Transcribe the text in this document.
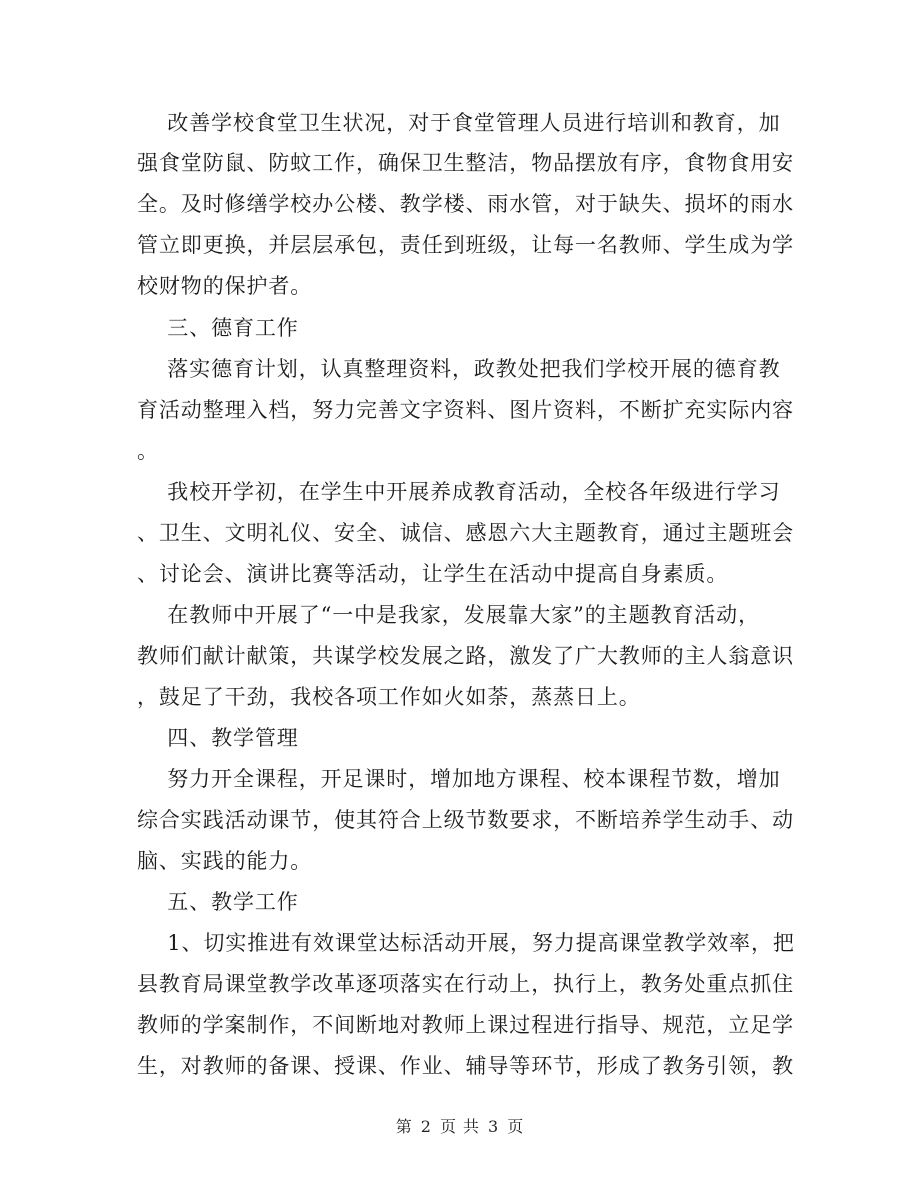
改善学校食堂卫生状况，对于食堂管理人员进行培训和教育，加
强食堂防鼠、防蚊工作，确保卫生整洁，物品摆放有序，食物食用安
全。及时修缮学校办公楼、教学楼、雨水管，对于缺失、损坏的雨水
管立即更换，并层层承包，责任到班级，让每一名教师、学生成为学
校财物的保护者。
三、德育工作
落实德育计划，认真整理资料，政教处把我们学校开展的德育教
育活动整理入档，努力完善文字资料、图片资料，不断扩充实际内容
。
我校开学初，在学生中开展养成教育活动，全校各年级进行学习
、卫生、文明礼仪、安全、诚信、感恩六大主题教育，通过主题班会
、讨论会、演讲比赛等活动，让学生在活动中提高自身素质。
在教师中开展了“一中是我家，发展靠大家”的主题教育活动，
教师们献计献策，共谋学校发展之路，激发了广大教师的主人翁意识
，鼓足了干劲，我校各项工作如火如荼，蒸蒸日上。
四、教学管理
努力开全课程，开足课时，增加地方课程、校本课程节数，增加
综合实践活动课节，使其符合上级节数要求，不断培养学生动手、动
脑、实践的能力。
五、教学工作
1、切实推进有效课堂达标活动开展，努力提高课堂教学效率，把
县教育局课堂教学改革逐项落实在行动上，执行上，教务处重点抓住
教师的学案制作，不间断地对教师上课过程进行指导、规范，立足学
生，对教师的备课、授课、作业、辅导等环节，形成了教务引领，教
第 2 页 共 3 页
